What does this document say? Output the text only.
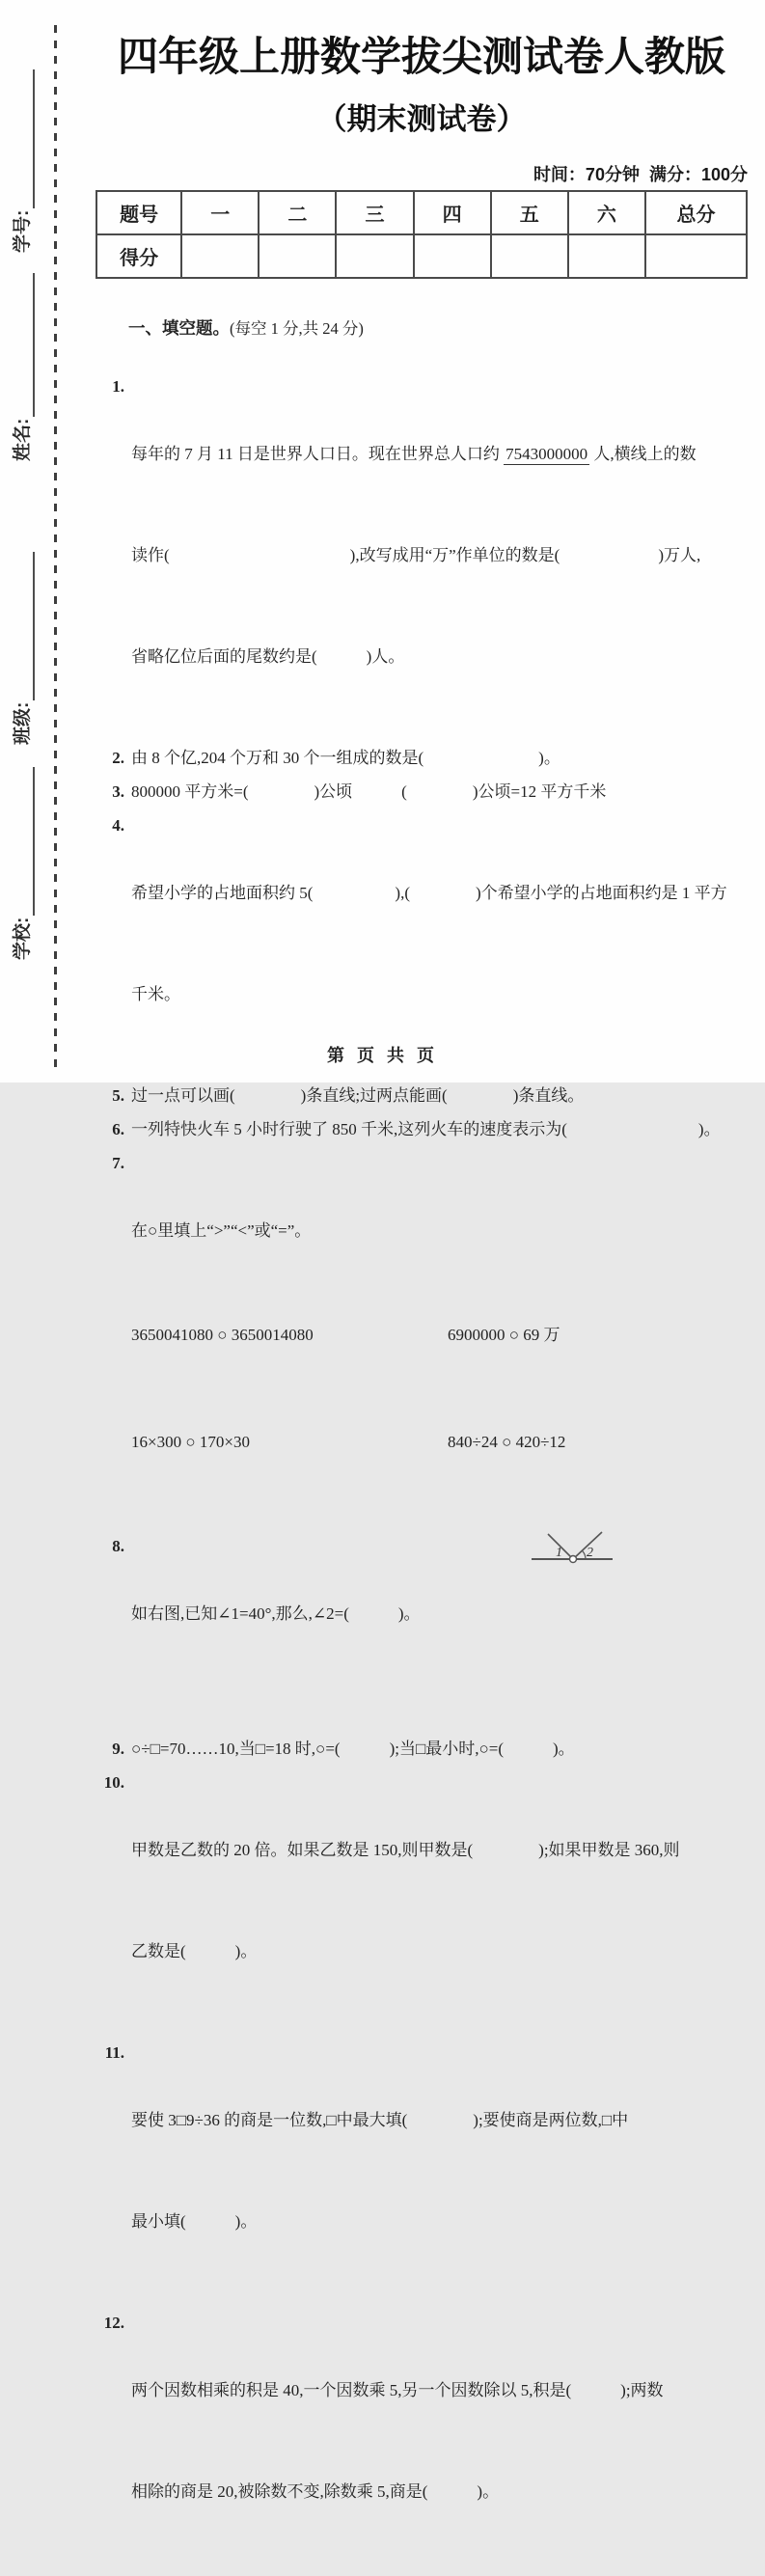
学号:
姓名:
班级:
学校:
四年级上册数学拔尖测试卷人教版
（期末测试卷）
时间：70分钟  满分：100分
题号	一	二	三	四	五	六	总分
得分							

一、填空题。(每空 1 分,共 24 分)

1.

每年的 7 月 11 日是世界人口日。现在世界总人口约 7543000000 人,横线上的数

读作(　　　　　　　　　　　),改写成用“万”作单位的数是(　　　　　　)万人,

省略亿位后面的尾数约是(　　　)人。

2. 由 8 个亿,204 个万和 30 个一组成的数是(　　　　　　　)。
3. 800000 平方米=(　　　　)公顷　　　(　　　　)公顷=12 平方千米
4.

希望小学的占地面积约 5(　　　　　),(　　　　)个希望小学的占地面积约是 1 平方

千米。

5. 过一点可以画(　　　　)条直线;过两点能画(　　　　)条直线。
6. 一列特快火车 5 小时行驶了 850 千米,这列火车的速度表示为(　　　　　　　　)。
7.

在○里填上“>”“<”或“=”。

3650041080 ○ 3650014080	6900000 ○ 69 万

16×300 ○ 170×30	840÷24 ○ 420÷12

8.

如右图,已知∠1=40°,那么,∠2=(　　　)。

1 2

9. ○÷□=70……10,当□=18 时,○=(　　　);当□最小时,○=(　　　)。
10.

甲数是乙数的 20 倍。如果乙数是 150,则甲数是(　　　　);如果甲数是 360,则

乙数是(　　　)。

11.

要使 3□9÷36 的商是一位数,□中最大填(　　　　);要使商是两位数,□中

最小填(　　　)。

12.

两个因数相乘的积是 40,一个因数乘 5,另一个因数除以 5,积是(　　　);两数

相除的商是 20,被除数不变,除数乘 5,商是(　　　)。

第 页 共 页
